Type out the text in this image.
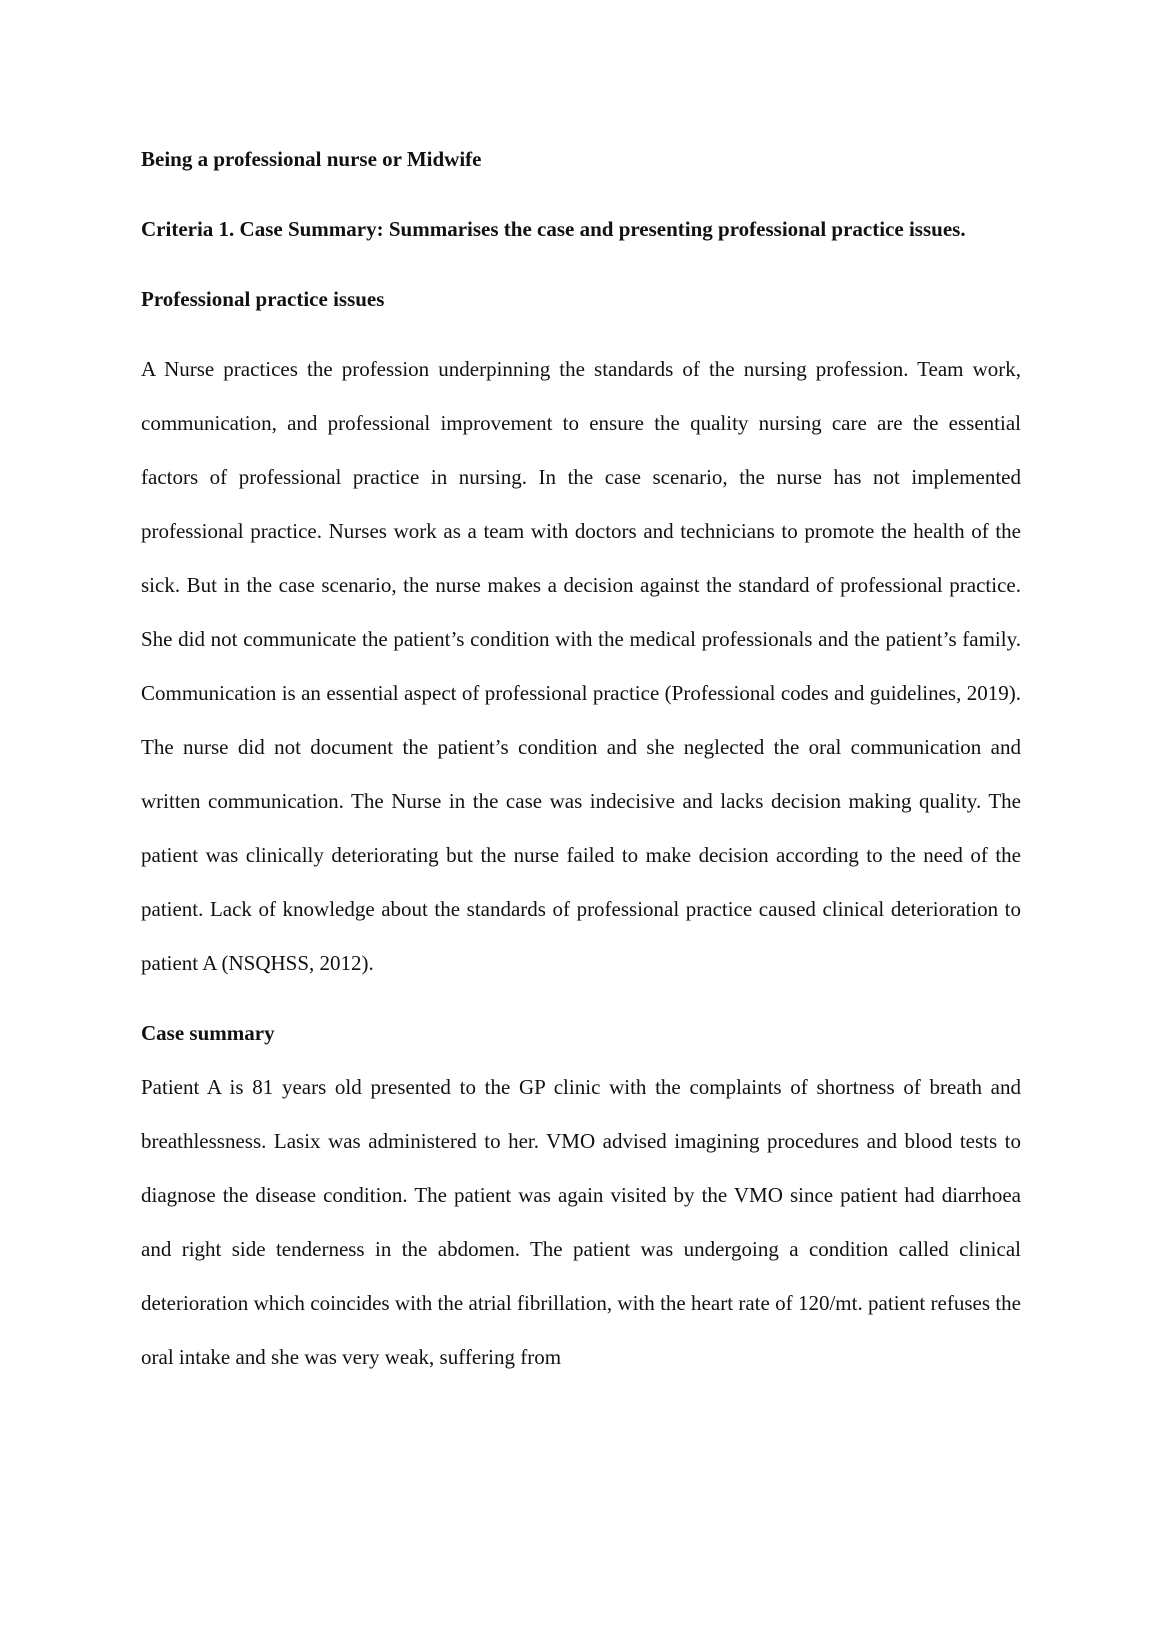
Being a professional nurse or Midwife

Criteria 1. Case Summary: Summarises the case and presenting professional practice issues.

Professional practice issues

A Nurse practices the profession underpinning the standards of the nursing profession. Team work, communication, and professional improvement to ensure the quality nursing care are the essential factors of professional practice in nursing. In the case scenario, the nurse has not implemented professional practice. Nurses work as a team with doctors and technicians to promote the health of the sick. But in the case scenario, the nurse makes a decision against the standard of professional practice. She did not communicate the patient’s condition with the medical professionals and the patient’s family. Communication is an essential aspect of professional practice (Professional codes and guidelines, 2019). The nurse did not document the patient’s condition and she neglected the oral communication and written communication. The Nurse in the case was indecisive and lacks decision making quality. The patient was clinically deteriorating but the nurse failed to make decision according to the need of the patient. Lack of knowledge about the standards of professional practice caused clinical deterioration to patient A (NSQHSS, 2012).

Case summary

Patient A is 81 years old presented to the GP clinic with the complaints of shortness of breath and breathlessness. Lasix was administered to her. VMO advised imagining procedures and blood tests to diagnose the disease condition. The patient was again visited by the VMO since patient had diarrhoea and right side tenderness in the abdomen. The patient was undergoing a condition called clinical deterioration which coincides with the atrial fibrillation, with the heart rate of 120/mt. patient refuses the oral intake and she was very weak, suffering from
